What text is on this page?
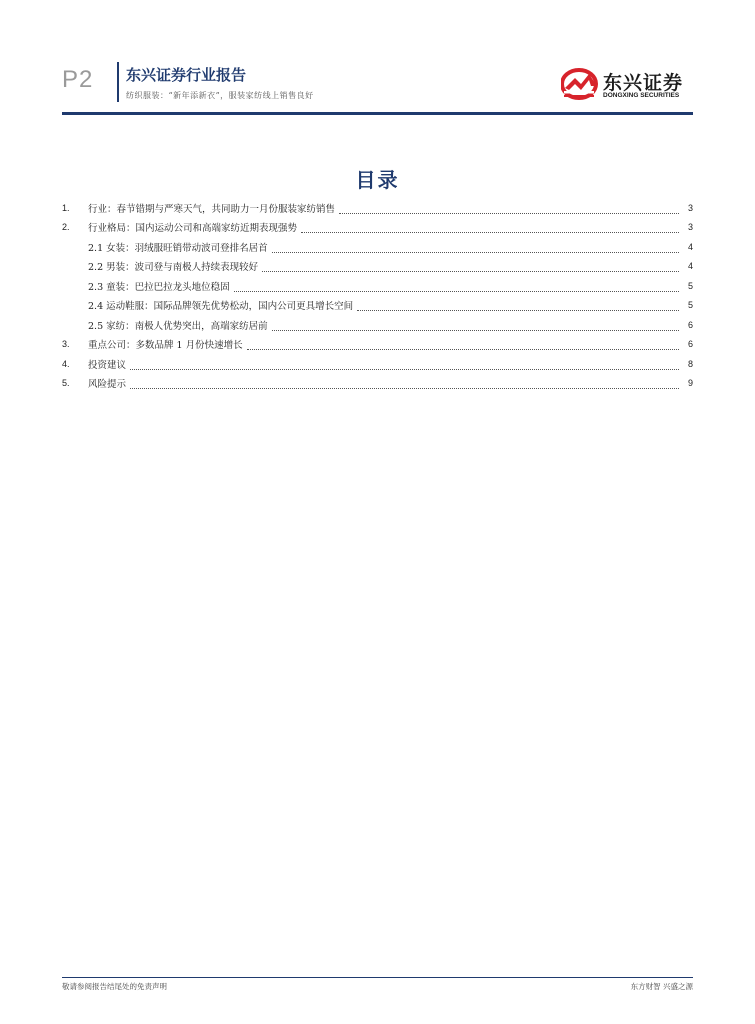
P2 东兴证券行业报告
纺织服装：“新年添新衣”，服装家纺线上销售良好
东兴证券
DONGXING SECURITIES
目录
1.	行业：春节错期与严寒天气，共同助力一月份服装家纺销售	3
2.	行业格局：国内运动公司和高端家纺近期表现强势	3
2.1 女装：羽绒服旺销带动波司登排名居首	4
2.2 男装：波司登与南极人持续表现较好	4
2.3 童装：巴拉巴拉龙头地位稳固	5
2.4 运动鞋服：国际品牌领先优势松动，国内公司更具增长空间	5
2.5 家纺：南极人优势突出，高端家纺居前	6
3.	重点公司：多数品牌 1 月份快速增长	6
4.	投资建议	8
5.	风险提示	9
敬请参阅报告结尾处的免责声明	东方财智 兴盛之源
